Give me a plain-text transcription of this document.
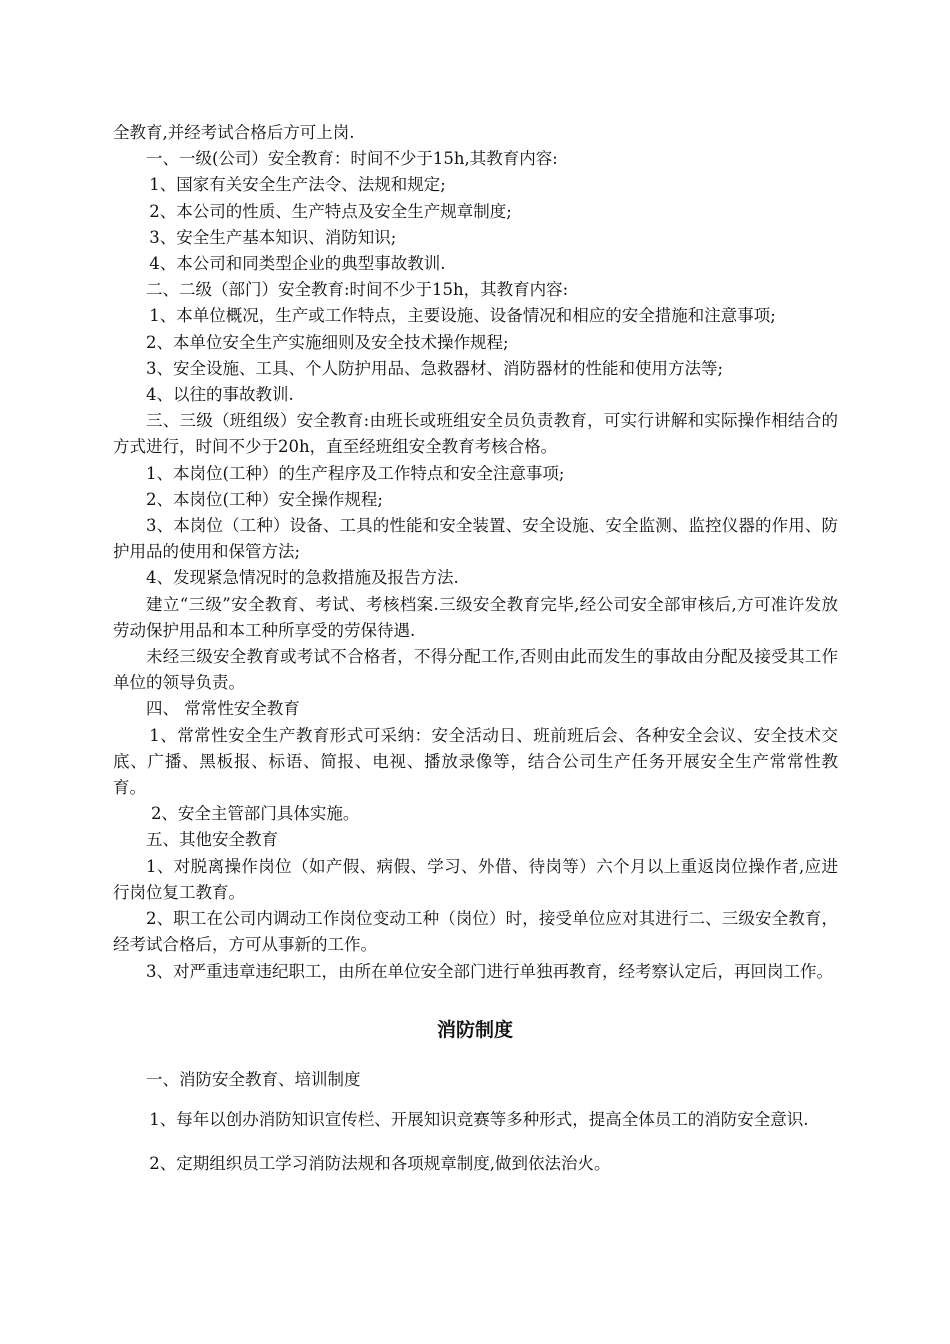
全教育,并经考试合格后方可上岗.

一、一级(公司）安全教育：时间不少于15h,其教育内容:

1、国家有关安全生产法令、法规和规定;

2、本公司的性质、生产特点及安全生产规章制度;

3、安全生产基本知识、消防知识;

4、本公司和同类型企业的典型事故教训.

二、二级（部门）安全教育:时间不少于15h，其教育内容:

1、本单位概况，生产或工作特点，主要设施、设备情况和相应的安全措施和注意事项;

2、本单位安全生产实施细则及安全技术操作规程;

3、安全设施、工具、个人防护用品、急救器材、消防器材的性能和使用方法等;

4、以往的事故教训.

三、三级（班组级）安全教育:由班长或班组安全员负责教育，可实行讲解和实际操作相结合的方式进行，时间不少于20h，直至经班组安全教育考核合格。

1、本岗位(工种）的生产程序及工作特点和安全注意事项;

2、本岗位(工种）安全操作规程;

3、本岗位（工种）设备、工具的性能和安全装置、安全设施、安全监测、监控仪器的作用、防护用品的使用和保管方法;

4、发现紧急情况时的急救措施及报告方法.

建立“三级”安全教育、考试、考核档案.三级安全教育完毕,经公司安全部审核后,方可准许发放劳动保护用品和本工种所享受的劳保待遇.

未经三级安全教育或考试不合格者，不得分配工作,否则由此而发生的事故由分配及接受其工作单位的领导负责。

四、 常常性安全教育

1、常常性安全生产教育形式可采纳：安全活动日、班前班后会、各种安全会议、安全技术交底、广播、黑板报、标语、简报、电视、播放录像等，结合公司生产任务开展安全生产常常性教育。

2、安全主管部门具体实施。

五、其他安全教育

1、对脱离操作岗位（如产假、病假、学习、外借、待岗等）六个月以上重返岗位操作者,应进行岗位复工教育。

2、职工在公司内调动工作岗位变动工种（岗位）时，接受单位应对其进行二、三级安全教育，经考试合格后，方可从事新的工作。

3、对严重违章违纪职工，由所在单位安全部门进行单独再教育，经考察认定后，再回岗工作。

消防制度

一、消防安全教育、培训制度

1、每年以创办消防知识宣传栏、开展知识竞赛等多种形式，提高全体员工的消防安全意识.

2、定期组织员工学习消防法规和各项规章制度,做到依法治火。
